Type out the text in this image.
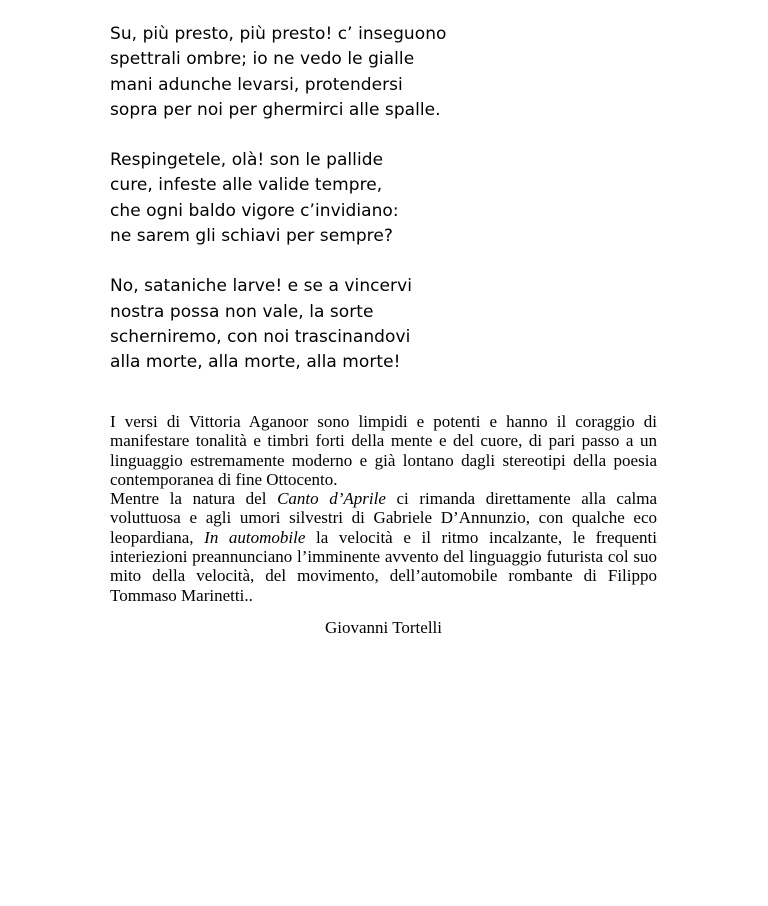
Su, più presto, più presto! c’ inseguono
spettrali ombre; io ne vedo le gialle
mani adunche levarsi, protendersi
sopra per noi per ghermirci alle spalle.
Respingetele, olà! son le pallide
cure, infeste alle valide tempre,
che ogni baldo vigore c’invidiano:
ne sarem gli schiavi per sempre?
No, sataniche larve! e se a vincervi
nostra possa non vale, la sorte
scherniremo, con noi trascinandovi
alla morte, alla morte, alla morte!

I versi di Vittoria Aganoor sono limpidi e potenti e hanno il coraggio di manifestare tonalità e timbri forti della mente e del cuore, di pari passo a un linguaggio estremamente moderno e già lontano dagli stereotipi della poesia contemporanea di fine Ottocento.

Mentre la natura del Canto d’Aprile ci rimanda direttamente alla calma voluttuosa e agli umori silvestri di Gabriele D’Annunzio, con qualche eco leopardiana, In automobile la velocità e il ritmo incalzante, le frequenti interiezioni preannunciano l’imminente avvento del linguaggio futurista col suo mito della velocità, del movimento, dell’automobile rombante di Filippo Tommaso Marinetti..

Giovanni Tortelli
